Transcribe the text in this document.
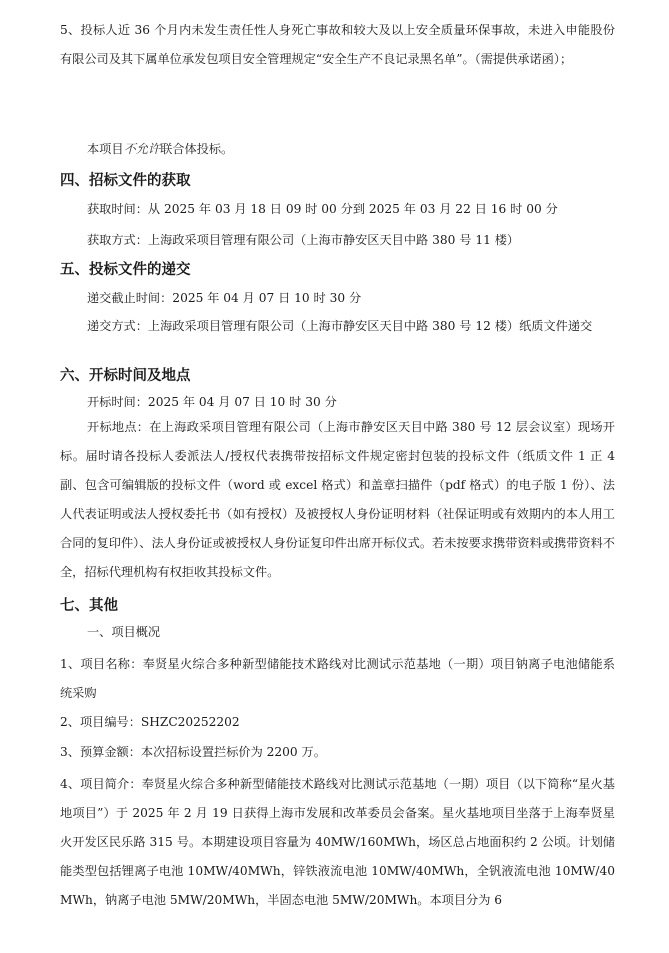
5、投标人近 36 个月内未发生责任性人身死亡事故和较大及以上安全质量环保事故，未进入申能股份有限公司及其下属单位承发包项目安全管理规定“安全生产不良记录黑名单”。（需提供承诺函）；

本项目不允许联合体投标。

四、招标文件的获取

获取时间：从 2025 年 03 月 18 日 09 时 00 分到 2025 年 03 月 22 日 16 时 00 分

获取方式：上海政采项目管理有限公司（上海市静安区天目中路 380 号 11 楼）

五、投标文件的递交

递交截止时间：2025 年 04 月 07 日 10 时 30 分

递交方式：上海政采项目管理有限公司（上海市静安区天目中路 380 号 12 楼）纸质文件递交

六、开标时间及地点

开标时间：2025 年 04 月 07 日 10 时 30 分

开标地点：在上海政采项目管理有限公司（上海市静安区天目中路 380 号 12 层会议室）现场开标。届时请各投标人委派法人/授权代表携带按招标文件规定密封包装的投标文件（纸质文件 1 正 4 副、包含可编辑版的投标文件（word 或 excel 格式）和盖章扫描件（pdf 格式）的电子版 1 份）、法人代表证明或法人授权委托书（如有授权）及被授权人身份证明材料（社保证明或有效期内的本人用工合同的复印件）、法人身份证或被授权人身份证复印件出席开标仪式。若未按要求携带资料或携带资料不全，招标代理机构有权拒收其投标文件。

七、其他

一、项目概况

1、项目名称：奉贤星火综合多种新型储能技术路线对比测试示范基地（一期）项目钠离子电池储能系统采购

2、项目编号：SHZC20252202

3、预算金额：本次招标设置拦标价为 2200 万。

4、项目简介：奉贤星火综合多种新型储能技术路线对比测试示范基地（一期）项目（以下简称“星火基地项目”）于 2025 年 2 月 19 日获得上海市发展和改革委员会备案。星火基地项目坐落于上海奉贤星火开发区民乐路 315 号。本期建设项目容量为 40MW/160MWh，场区总占地面积约 2 公顷。计划储能类型包括锂离子电池 10MW/40MWh，锌铁液流电池 10MW/40MWh，全钒液流电池 10MW/40MWh，钠离子电池 5MW/20MWh，半固态电池 5MW/20MWh。本项目分为 6
